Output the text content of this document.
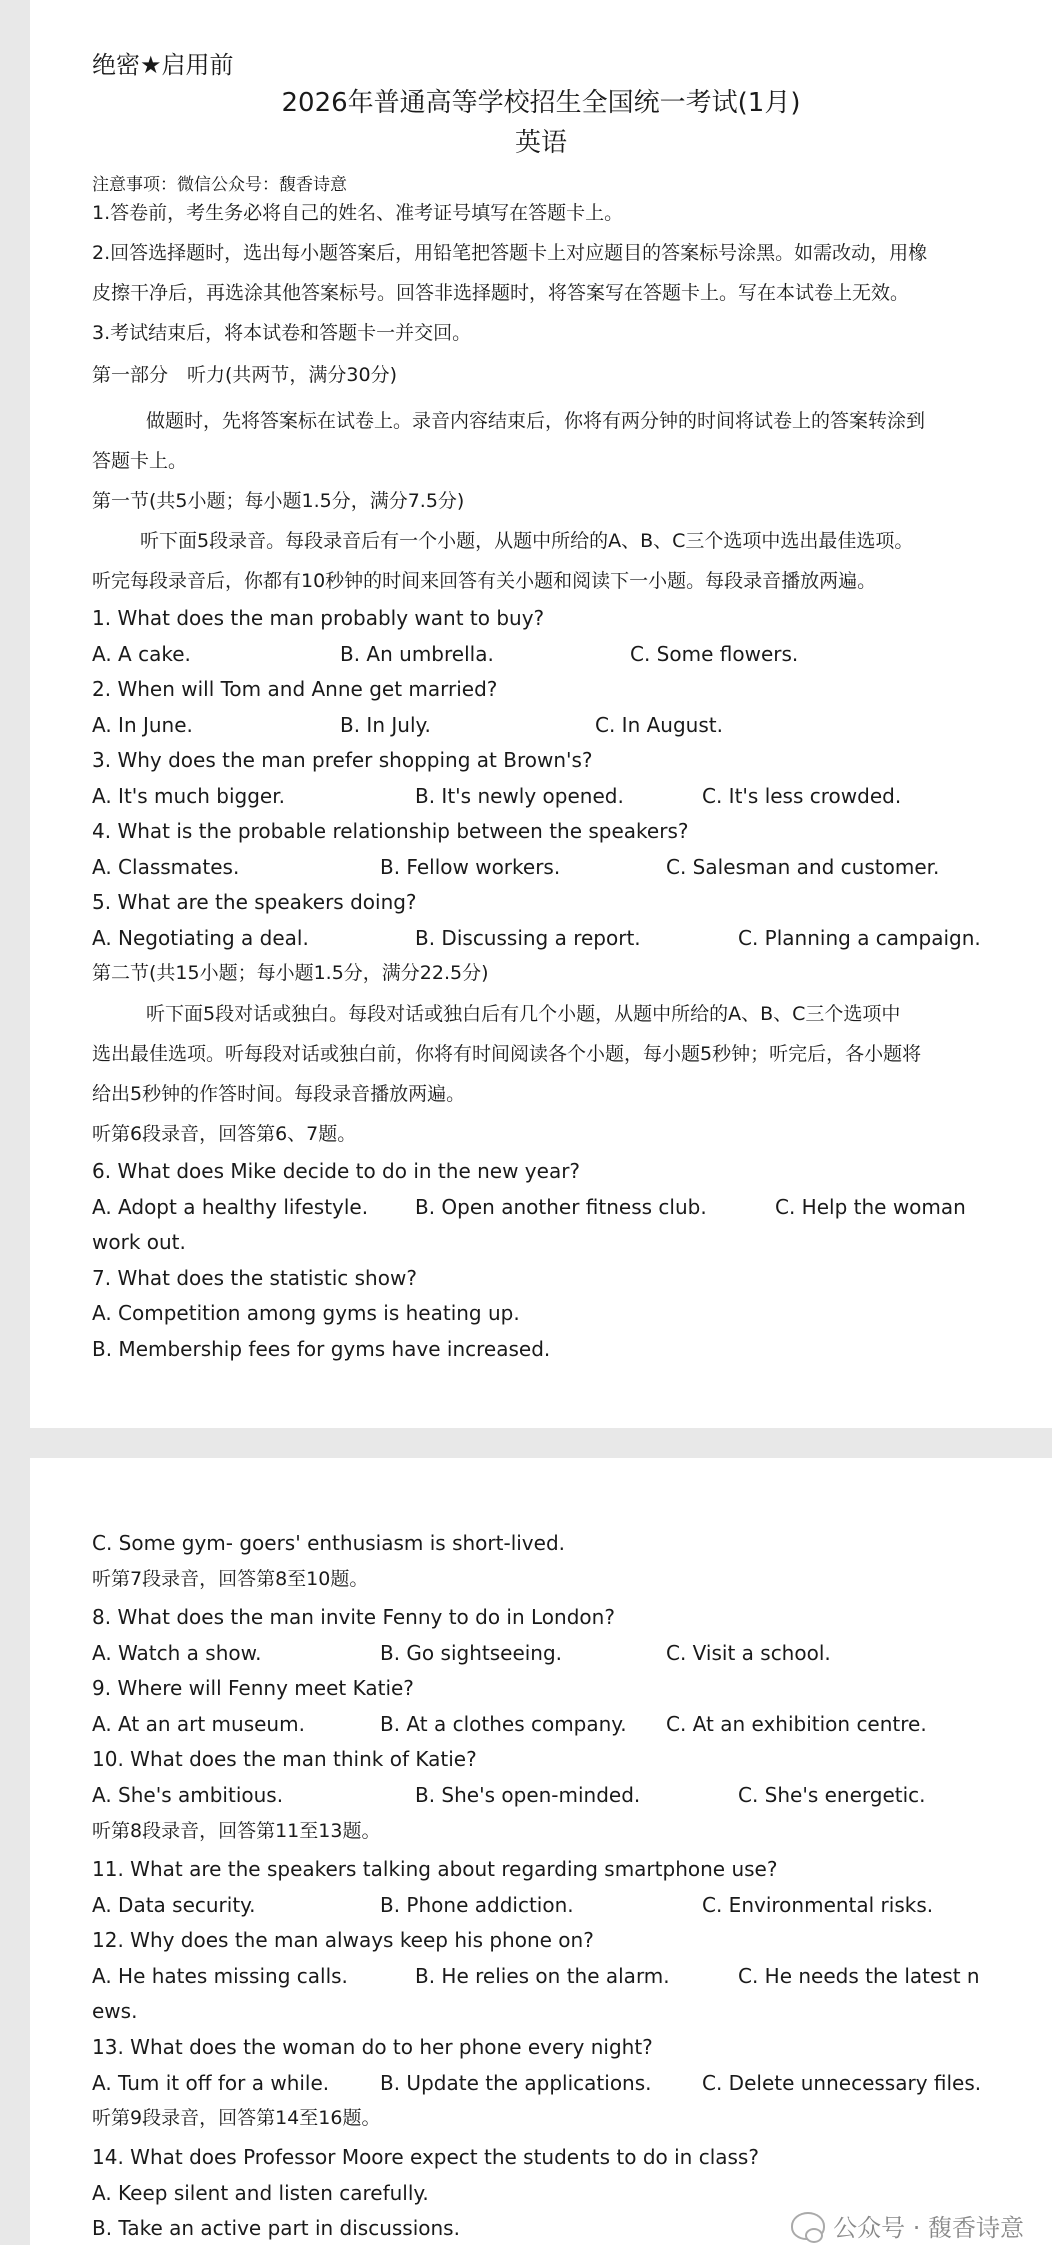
绝密★启用前
2026年普通高等学校招生全国统一考试(1月)
英语
注意事项：微信公众号：馥香诗意
1.答卷前，考生务必将自己的姓名、准考证号填写在答题卡上。
2.回答选择题时，选出每小题答案后，用铅笔把答题卡上对应题目的答案标号涂黑。如需改动，用橡
皮擦干净后，再选涂其他答案标号。回答非选择题时，将答案写在答题卡上。写在本试卷上无效。
3.考试结束后，将本试卷和答题卡一并交回。
第一部分　听力(共两节，满分30分)
做题时，先将答案标在试卷上。录音内容结束后，你将有两分钟的时间将试卷上的答案转涂到
答题卡上。
第一节(共5小题；每小题1.5分，满分7.5分)
听下面5段录音。每段录音后有一个小题，从题中所给的A、B、C三个选项中选出最佳选项。
听完每段录音后，你都有10秒钟的时间来回答有关小题和阅读下一小题。每段录音播放两遍。
1. What does the man probably want to buy?
A. A cake.	B. An umbrella.	C. Some flowers.
2. When will Tom and Anne get married?
A. In June.	B. In July.	C. In August.
3. Why does the man prefer shopping at Brown's?
A. It's much bigger.	B. It's newly opened.	C. It's less crowded.
4. What is the probable relationship between the speakers?
A. Classmates.	B. Fellow workers.	C. Salesman and customer.
5. What are the speakers doing?
A. Negotiating a deal.	B. Discussing a report.	C. Planning a campaign.
第二节(共15小题；每小题1.5分，满分22.5分)
听下面5段对话或独白。每段对话或独白后有几个小题，从题中所给的A、B、C三个选项中
选出最佳选项。听每段对话或独白前，你将有时间阅读各个小题，每小题5秒钟；听完后，各小题将
给出5秒钟的作答时间。每段录音播放两遍。
听第6段录音，回答第6、7题。
6. What does Mike decide to do in the new year?
A. Adopt a healthy lifestyle. B. Open another fitness club.	C. Help the woman
work out.
7. What does the statistic show?
A. Competition among gyms is heating up.
B. Membership fees for gyms have increased.
C. Some gym- goers' enthusiasm is short-lived.
听第7段录音，回答第8至10题。
8. What does the man invite Fenny to do in London?
A. Watch a show.	B. Go sightseeing.	C. Visit a school.
9. Where will Fenny meet Katie?
A. At an art museum.	B. At a clothes company. C. At an exhibition centre.
10. What does the man think of Katie?
A. She's ambitious.	B. She's open-minded.	C. She's energetic.
听第8段录音，回答第11至13题。
11. What are the speakers talking about regarding smartphone use?
A. Data security.	B. Phone addiction.	C. Environmental risks.
12. Why does the man always keep his phone on?
A. He hates missing calls.	B. He relies on the alarm.	C. He needs the latest n
ews.
13. What does the woman do to her phone every night?
A. Tum it off for a while.	B. Update the applications.	C. Delete unnecessary files.
听第9段录音，回答第14至16题。
14. What does Professor Moore expect the students to do in class?
A. Keep silent and listen carefully.
B. Take an active part in discussions.	公众号 · 馥香诗意
